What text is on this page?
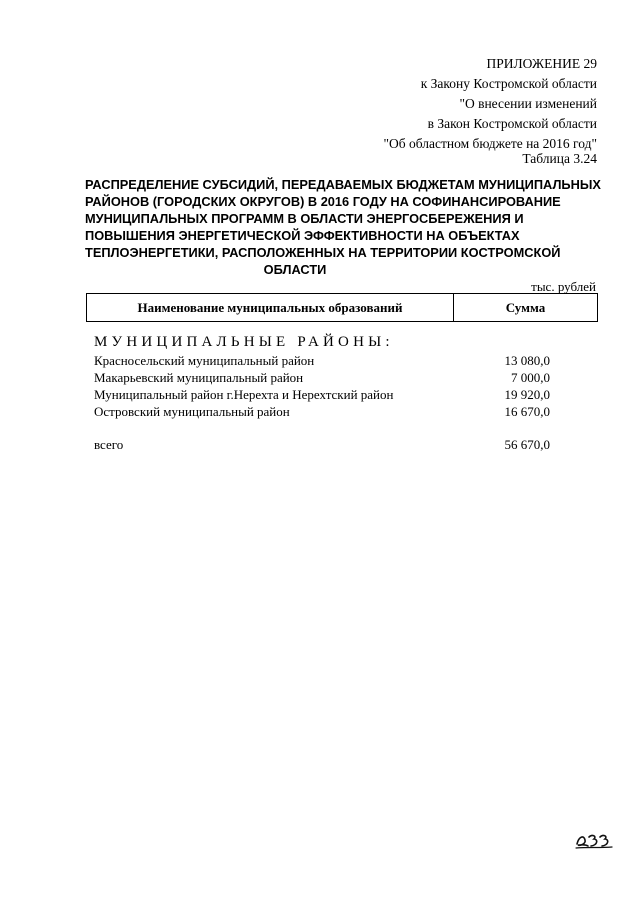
ПРИЛОЖЕНИЕ 29
к Закону Костромской области
"О внесении изменений
в Закон Костромской области
"Об областном бюджете на 2016 год"
Таблица 3.24
РАСПРЕДЕЛЕНИЕ СУБСИДИЙ, ПЕРЕДАВАЕМЫХ БЮДЖЕТАМ МУНИЦИПАЛЬНЫХ
РАЙОНОВ (ГОРОДСКИХ ОКРУГОВ) В 2016 ГОДУ НА СОФИНАНСИРОВАНИЕ
МУНИЦИПАЛЬНЫХ ПРОГРАММ В ОБЛАСТИ ЭНЕРГОСБЕРЕЖЕНИЯ И
ПОВЫШЕНИЯ ЭНЕРГЕТИЧЕСКОЙ ЭФФЕКТИВНОСТИ НА ОБЪЕКТАХ
ТЕПЛОЭНЕРГЕТИКИ, РАСПОЛОЖЕННЫХ НА ТЕРРИТОРИИ КОСТРОМСКОЙ
ОБЛАСТИ
тыс. рублей
Наименование муниципальных образований	Сумма
МУНИЦИПАЛЬНЫЕ РАЙОНЫ:
Красносельский муниципальный район	13 080,0
Макарьевский муниципальный район	7 000,0
Муниципальный район г.Нерехта и Нерехтский район	19 920,0
Островский муниципальный район	16 670,0
всего	56 670,0
